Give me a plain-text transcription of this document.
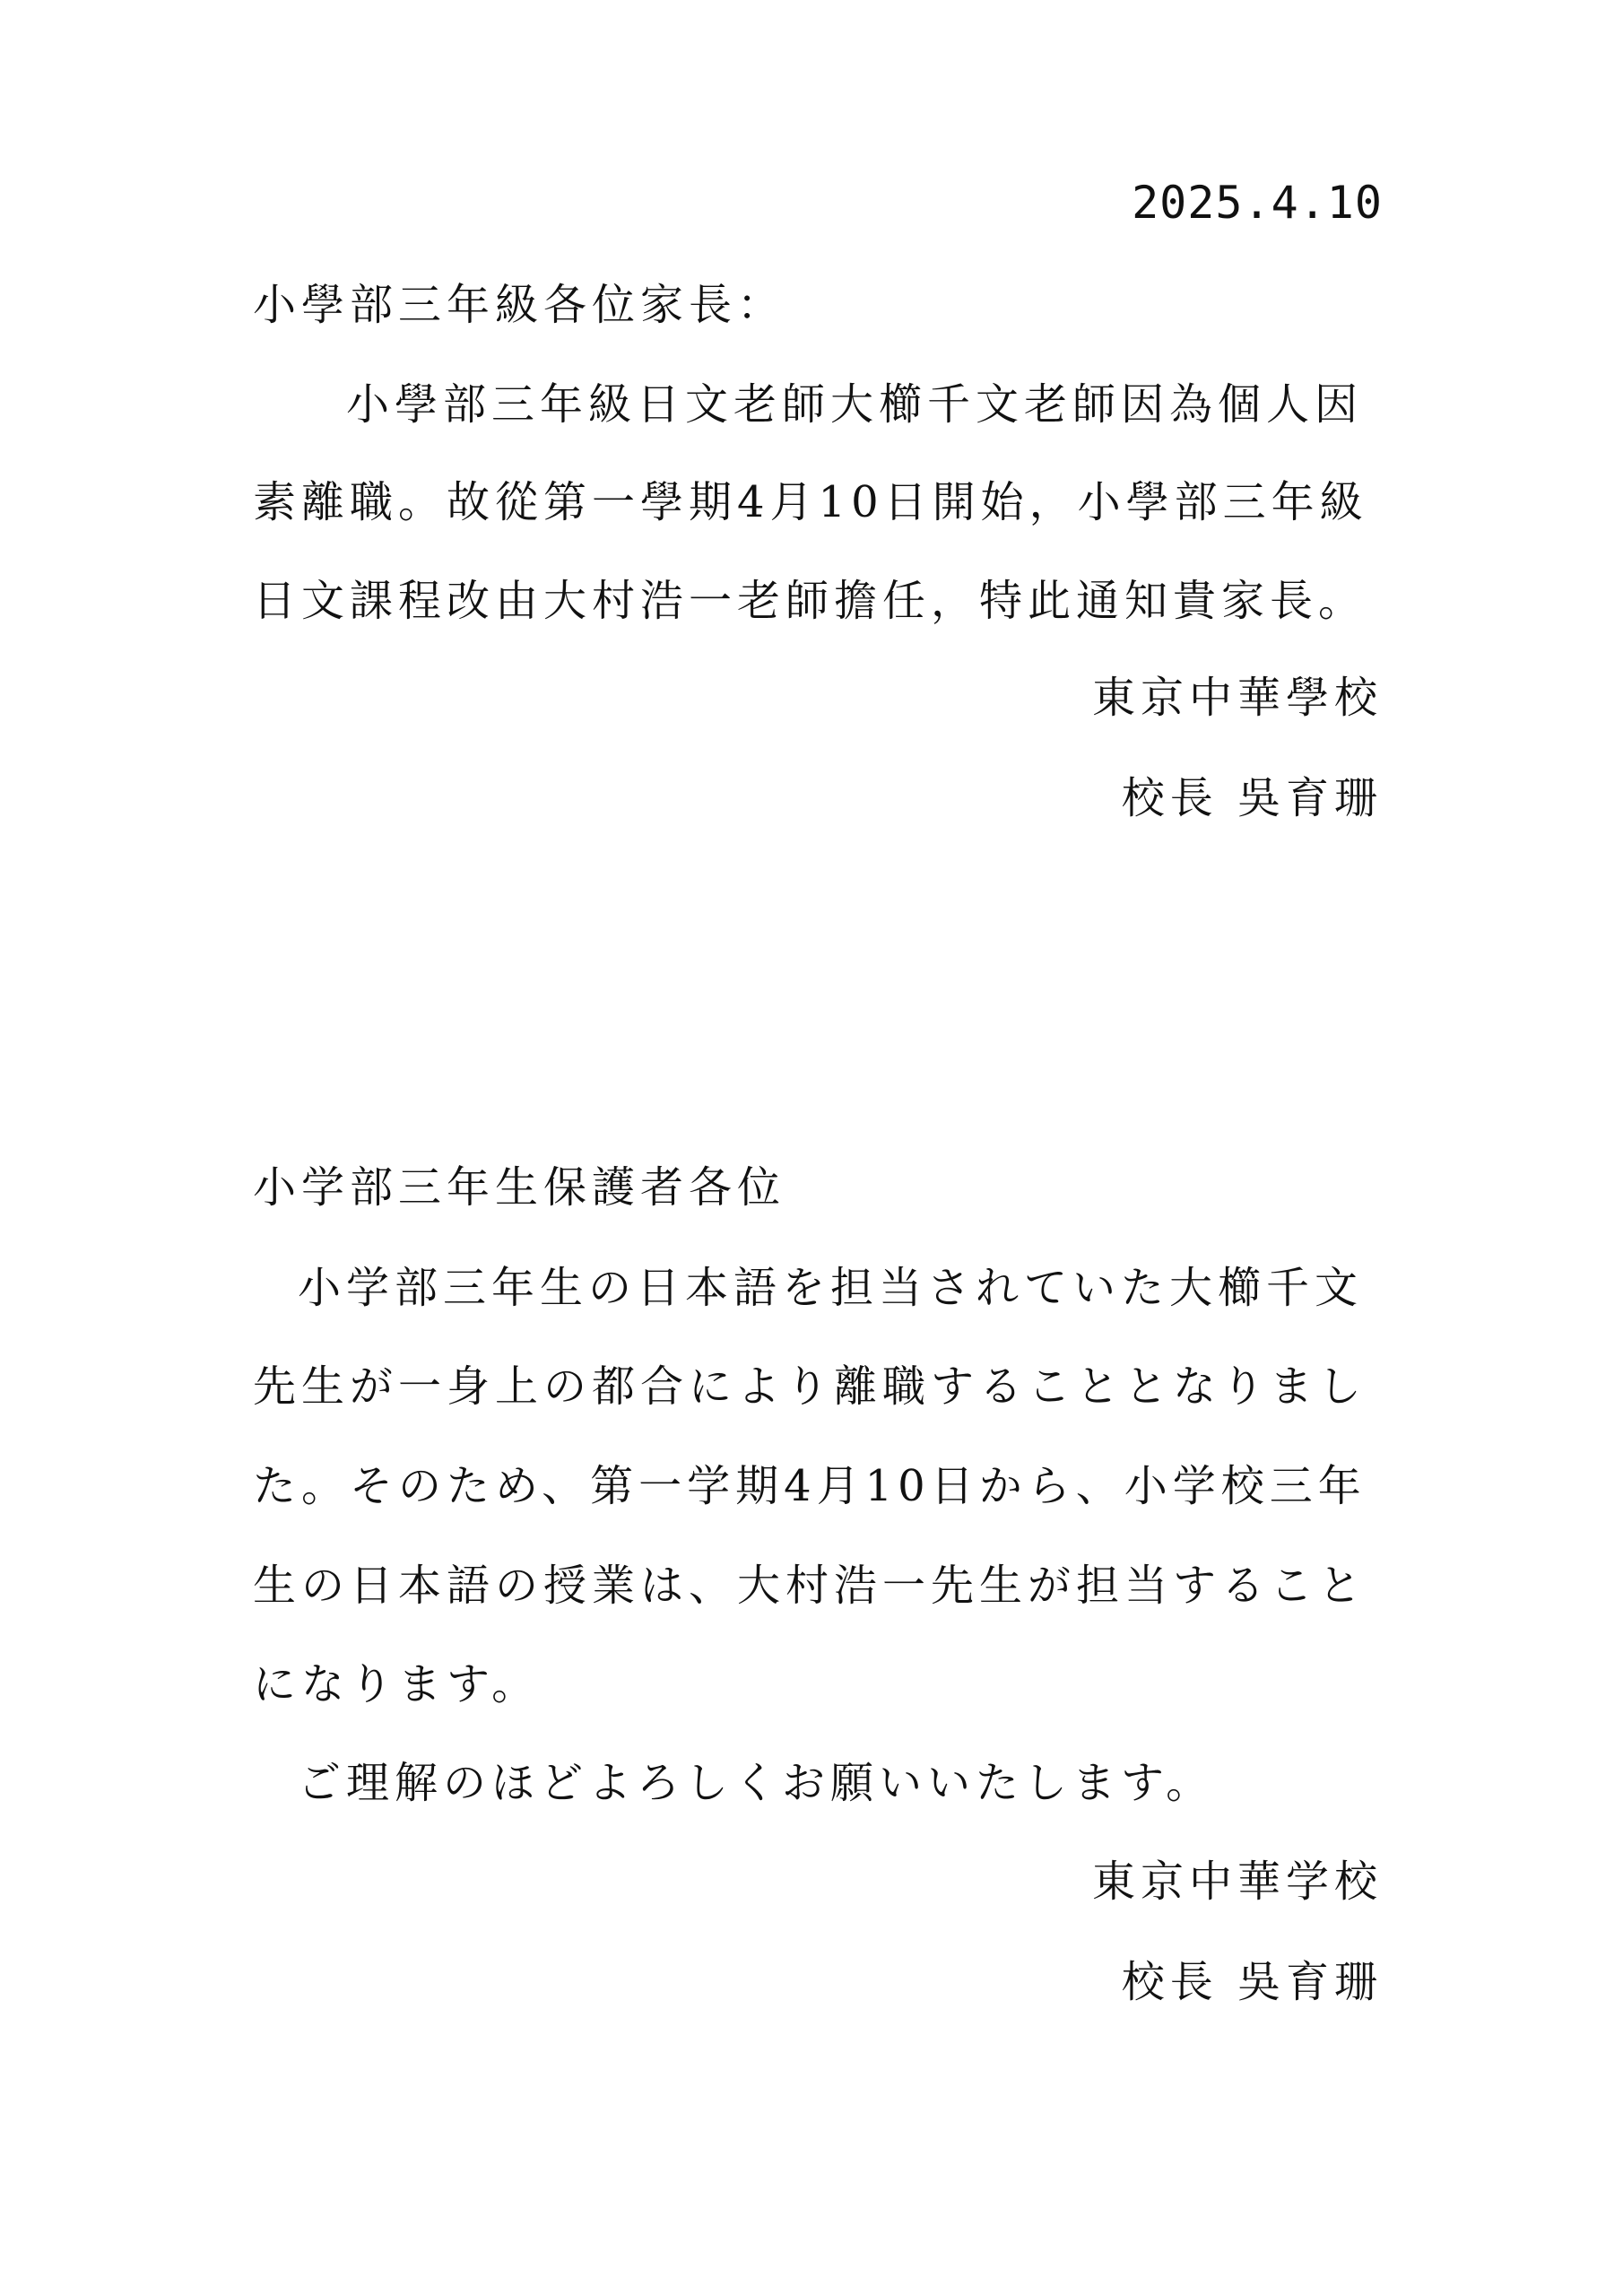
2025.4.10
小學部三年級各位家長：
小學部三年級日文老師大櫛千文老師因為個人因
素離職。故從第一學期4月10日開始，小學部三年級
日文課程改由大村浩一老師擔任，特此通知貴家長。
東京中華學校
校長 吳育珊
小学部三年生保護者各位
小学部三年生の日本語を担当されていた大櫛千文
先生が一身上の都合により離職することとなりまし
た。そのため、第一学期4月10日から、小学校三年
生の日本語の授業は、大村浩一先生が担当すること
になります。
ご理解のほどよろしくお願いいたします。
東京中華学校
校長 吳育珊
